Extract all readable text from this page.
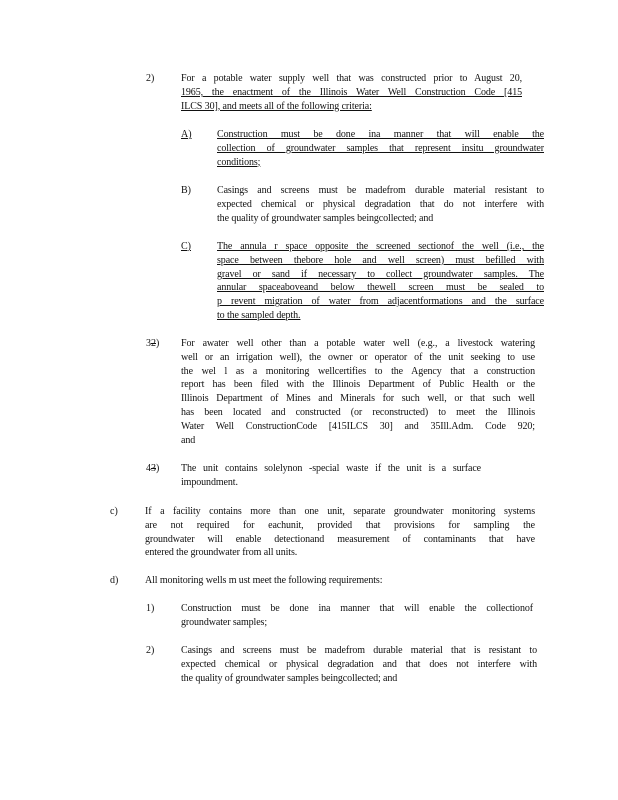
2)	For a potable water supply well that was constructed prior to August 20,
1965, the enactment of the Illinois Water Well Construction Code [415
ILCS 30], and meets all of the following criteria:
A)	Construction must be done ina manner that will enable the
collection of groundwater samples that represent insitu groundwater
conditions;
B)	Casings and screens must be madefrom durable material resistant to
expected chemical or physical degradation that do not interfere with
the quality of groundwater samples beingcollected; and
C)	The annula r space opposite the screened sectionof the well (i.e., the
space between thebore hole and well screen) must befilled with
gravel or sand if necessary to collect groundwater samples. The
annular spaceaboveand below thewell screen must be sealed to
p revent migration of water from adjacentformations and the surface
to the sampled depth.
32) For awater well other than a potable water well (e.g., a livestock watering
well or an irrigation well), the owner or operator of the unit seeking to use
the wel l as a monitoring wellcertifies to the Agency that a construction
report has been filed with the Illinois Department of Public Health or the
Illinois Department of Mines and Minerals for such well, or that such well
has been located and constructed (or reconstructed) to meet the Illinois
Water Well ConstructionCode [415ILCS 30] and 35Ill.Adm. Code 920;
and
43) The unit contains solelynon -special waste if the unit is a surface
impoundment.
c)	If a facility contains more than one unit, separate groundwater monitoring systems
are not required for eachunit, provided that provisions for sampling the
groundwater will enable detectionand measurement of contaminants that have
entered the groundwater from all units.
d)	All monitoring wells m ust meet the following requirements:
1)	Construction must be done ina manner that will enable the collectionof
groundwater samples;
2)	Casings and screens must be madefrom durable material that is resistant to
expected chemical or physical degradation and that does not interfere with
the quality of groundwater samples beingcollected; and
